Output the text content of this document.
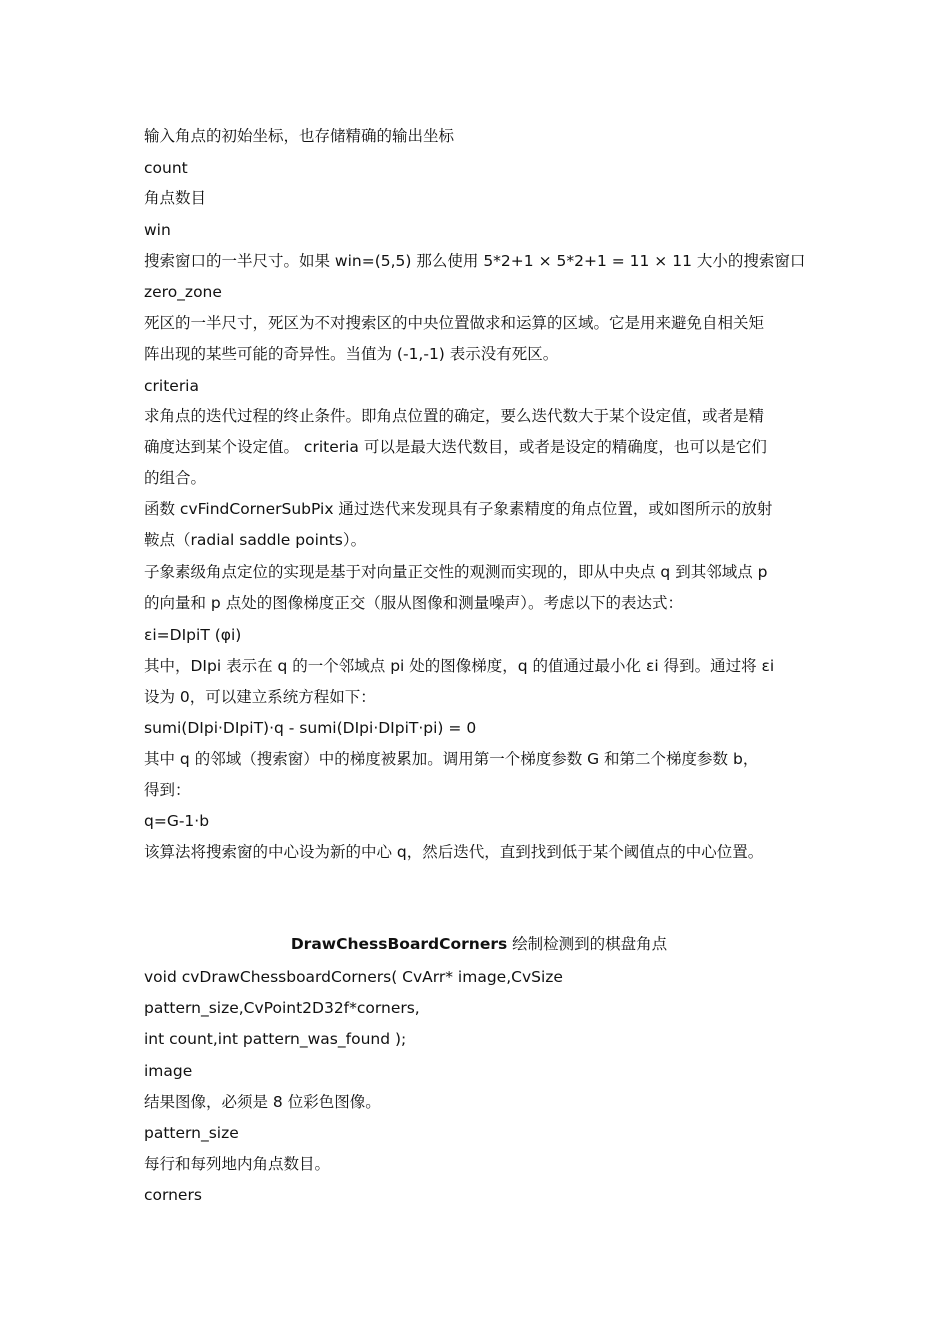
输入角点的初始坐标，也存储精确的输出坐标
count
角点数目
win
搜索窗口的一半尺寸。如果 win=(5,5) 那么使用 5*2+1 × 5*2+1 = 11 × 11 大小的搜索窗口
zero_zone
死区的一半尺寸，死区为不对搜索区的中央位置做求和运算的区域。它是用来避免自相关矩
阵出现的某些可能的奇异性。当值为 (-1,-1) 表示没有死区。
criteria
求角点的迭代过程的终止条件。即角点位置的确定，要么迭代数大于某个设定值，或者是精
确度达到某个设定值。 criteria 可以是最大迭代数目，或者是设定的精确度，也可以是它们
的组合。
函数 cvFindCornerSubPix 通过迭代来发现具有子象素精度的角点位置，或如图所示的放射
鞍点（radial saddle points）。
子象素级角点定位的实现是基于对向量正交性的观测而实现的，即从中央点 q 到其邻域点 p
的向量和 p 点处的图像梯度正交（服从图像和测量噪声）。考虑以下的表达式：
εi=DIpiT (φi)
其中，DIpi 表示在 q 的一个邻域点 pi 处的图像梯度，q 的值通过最小化 εi 得到。通过将 εi
设为 0，可以建立系统方程如下：
sumi(DIpi·DIpiT)·q - sumi(DIpi·DIpiT·pi) = 0
其中 q 的邻域（搜索窗）中的梯度被累加。调用第一个梯度参数 G 和第二个梯度参数 b，
得到：
q=G-1·b
该算法将搜索窗的中心设为新的中心 q，然后迭代，直到找到低于某个阈值点的中心位置。
DrawChessBoardCorners 绘制检测到的棋盘角点
void cvDrawChessboardCorners( CvArr* image,CvSize
pattern_size,CvPoint2D32f*corners,
int count,int pattern_was_found );
image
结果图像，必须是 8 位彩色图像。
pattern_size
每行和每列地内角点数目。
corners
